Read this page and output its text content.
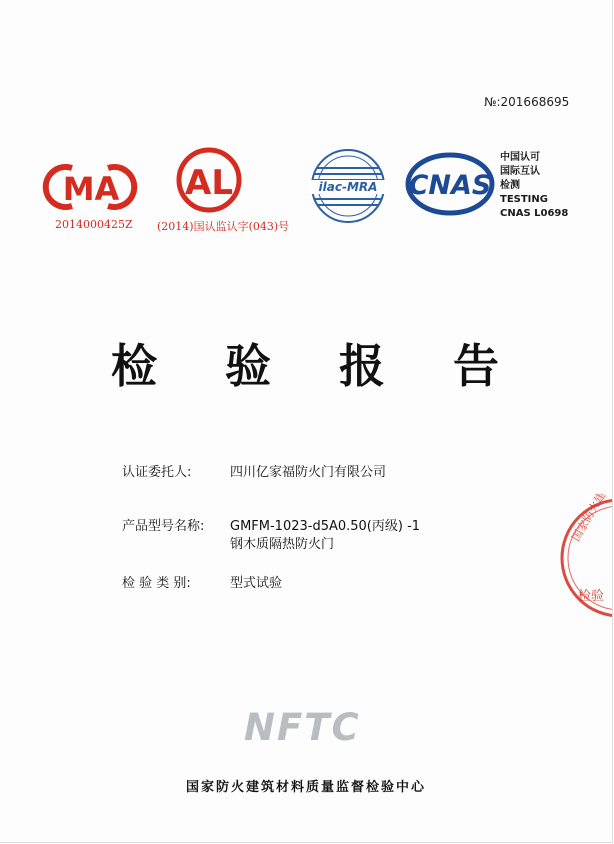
№:201668695
MA
2014000425Z
AL
(2014)国认监认字(043)号
ilac-MRA CNAS
中国认可
国际互认
检测
TESTING
CNAS L0698
检 验 报 告
认证委托人:	四川亿家福防火门有限公司
产品型号名称: GMFM-1023-d5A0.50(丙级) -1
钢木质隔热防火门
检 验 类 别:	型式试验
国家防火建筑
检验
NFTC
国家防火建筑材料质量监督检验中心
